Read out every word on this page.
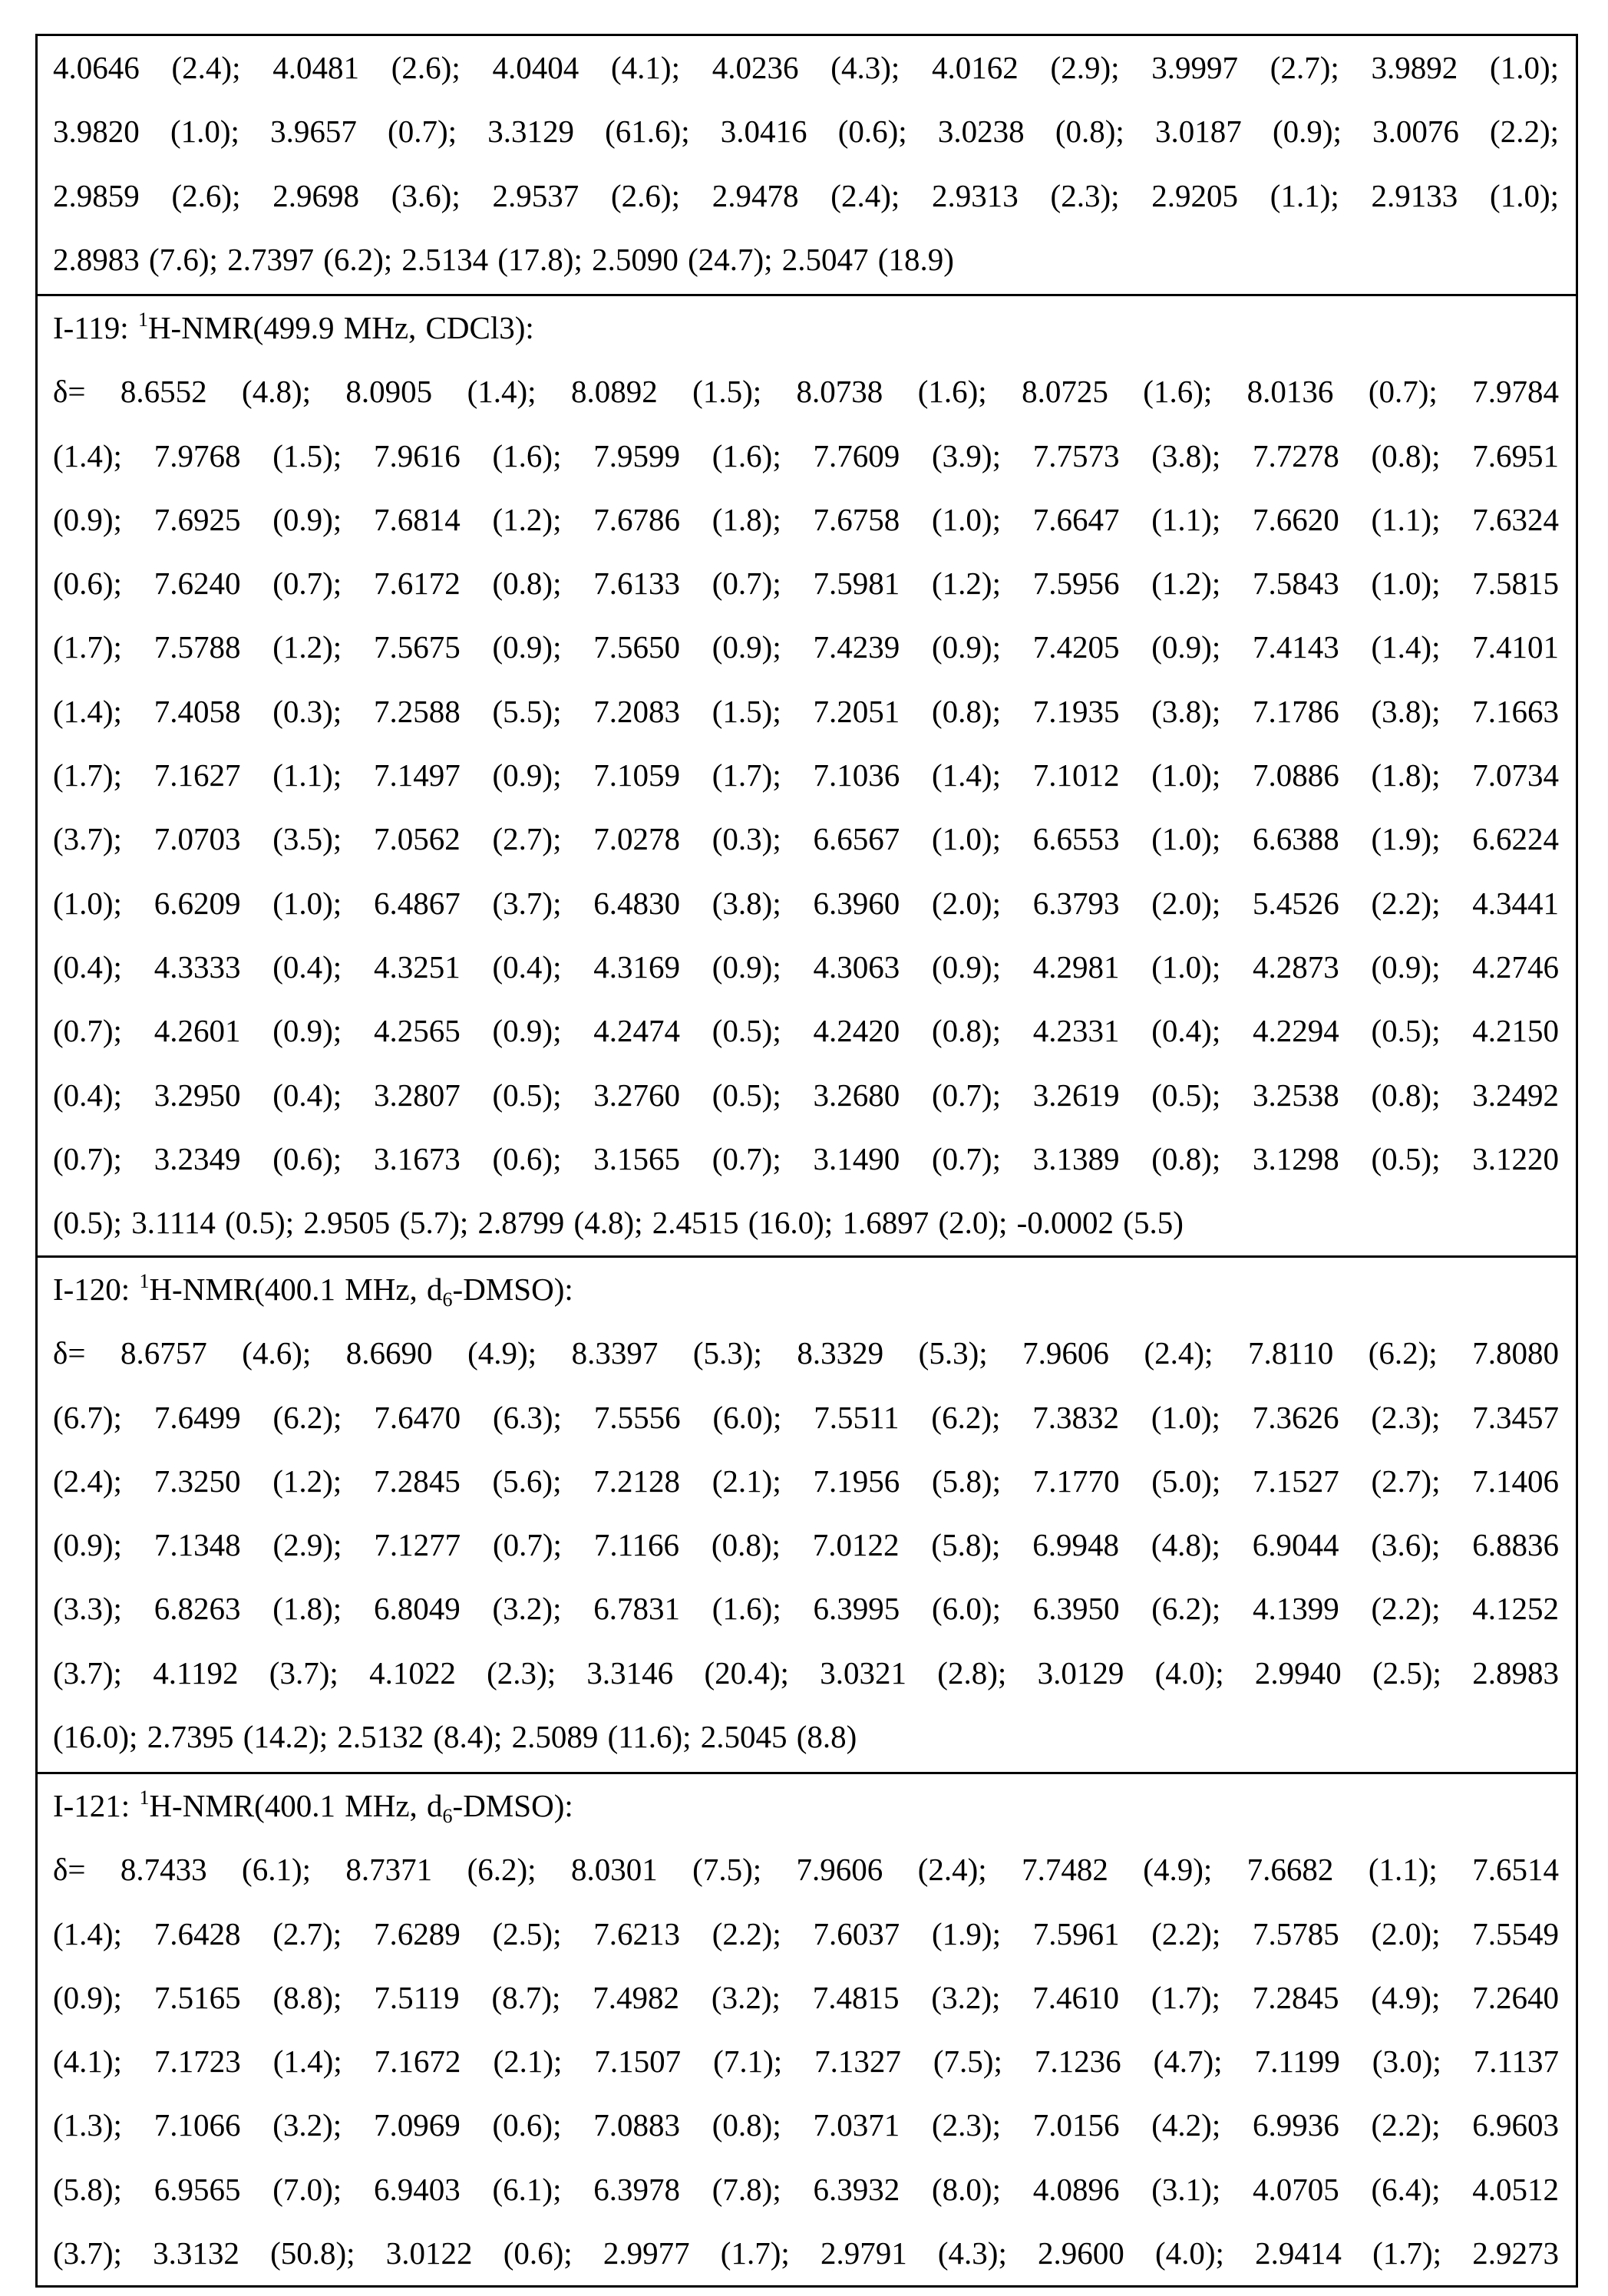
4.0646 (2.4); 4.0481 (2.6); 4.0404 (4.1); 4.0236 (4.3); 4.0162 (2.9); 3.9997 (2.7); 3.9892 (1.0);
3.9820 (1.0); 3.9657 (0.7); 3.3129 (61.6); 3.0416 (0.6); 3.0238 (0.8); 3.0187 (0.9); 3.0076 (2.2);
2.9859 (2.6); 2.9698 (3.6); 2.9537 (2.6); 2.9478 (2.4); 2.9313 (2.3); 2.9205 (1.1); 2.9133 (1.0);
2.8983 (7.6); 2.7397 (6.2); 2.5134 (17.8); 2.5090 (24.7); 2.5047 (18.9)

I-119: $^1$H-NMR(499.9 MHz, CDCl3):
δ= 8.6552 (4.8); 8.0905 (1.4); 8.0892 (1.5); 8.0738 (1.6); 8.0725 (1.6); 8.0136 (0.7); 7.9784
(1.4); 7.9768 (1.5); 7.9616 (1.6); 7.9599 (1.6); 7.7609 (3.9); 7.7573 (3.8); 7.7278 (0.8); 7.6951
(0.9); 7.6925 (0.9); 7.6814 (1.2); 7.6786 (1.8); 7.6758 (1.0); 7.6647 (1.1); 7.6620 (1.1); 7.6324
(0.6); 7.6240 (0.7); 7.6172 (0.8); 7.6133 (0.7); 7.5981 (1.2); 7.5956 (1.2); 7.5843 (1.0); 7.5815
(1.7); 7.5788 (1.2); 7.5675 (0.9); 7.5650 (0.9); 7.4239 (0.9); 7.4205 (0.9); 7.4143 (1.4); 7.4101
(1.4); 7.4058 (0.3); 7.2588 (5.5); 7.2083 (1.5); 7.2051 (0.8); 7.1935 (3.8); 7.1786 (3.8); 7.1663
(1.7); 7.1627 (1.1); 7.1497 (0.9); 7.1059 (1.7); 7.1036 (1.4); 7.1012 (1.0); 7.0886 (1.8); 7.0734
(3.7); 7.0703 (3.5); 7.0562 (2.7); 7.0278 (0.3); 6.6567 (1.0); 6.6553 (1.0); 6.6388 (1.9); 6.6224
(1.0); 6.6209 (1.0); 6.4867 (3.7); 6.4830 (3.8); 6.3960 (2.0); 6.3793 (2.0); 5.4526 (2.2); 4.3441
(0.4); 4.3333 (0.4); 4.3251 (0.4); 4.3169 (0.9); 4.3063 (0.9); 4.2981 (1.0); 4.2873 (0.9); 4.2746
(0.7); 4.2601 (0.9); 4.2565 (0.9); 4.2474 (0.5); 4.2420 (0.8); 4.2331 (0.4); 4.2294 (0.5); 4.2150
(0.4); 3.2950 (0.4); 3.2807 (0.5); 3.2760 (0.5); 3.2680 (0.7); 3.2619 (0.5); 3.2538 (0.8); 3.2492
(0.7); 3.2349 (0.6); 3.1673 (0.6); 3.1565 (0.7); 3.1490 (0.7); 3.1389 (0.8); 3.1298 (0.5); 3.1220
(0.5); 3.1114 (0.5); 2.9505 (5.7); 2.8799 (4.8); 2.4515 (16.0); 1.6897 (2.0); -0.0002 (5.5)

I-120: $^1$H-NMR(400.1 MHz, $d_6-DMSO$):
δ= 8.6757 (4.6); 8.6690 (4.9); 8.3397 (5.3); 8.3329 (5.3); 7.9606 (2.4); 7.8110 (6.2); 7.8080
(6.7); 7.6499 (6.2); 7.6470 (6.3); 7.5556 (6.0); 7.5511 (6.2); 7.3832 (1.0); 7.3626 (2.3); 7.3457
(2.4); 7.3250 (1.2); 7.2845 (5.6); 7.2128 (2.1); 7.1956 (5.8); 7.1770 (5.0); 7.1527 (2.7); 7.1406
(0.9); 7.1348 (2.9); 7.1277 (0.7); 7.1166 (0.8); 7.0122 (5.8); 6.9948 (4.8); 6.9044 (3.6); 6.8836
(3.3); 6.8263 (1.8); 6.8049 (3.2); 6.7831 (1.6); 6.3995 (6.0); 6.3950 (6.2); 4.1399 (2.2); 4.1252
(3.7); 4.1192 (3.7); 4.1022 (2.3); 3.3146 (20.4); 3.0321 (2.8); 3.0129 (4.0); 2.9940 (2.5); 2.8983
(16.0); 2.7395 (14.2); 2.5132 (8.4); 2.5089 (11.6); 2.5045 (8.8)

I-121: $^1$H-NMR(400.1 MHz, $d_6-DMSO$):
δ= 8.7433 (6.1); 8.7371 (6.2); 8.0301 (7.5); 7.9606 (2.4); 7.7482 (4.9); 7.6682 (1.1); 7.6514
(1.4); 7.6428 (2.7); 7.6289 (2.5); 7.6213 (2.2); 7.6037 (1.9); 7.5961 (2.2); 7.5785 (2.0); 7.5549
(0.9); 7.5165 (8.8); 7.5119 (8.7); 7.4982 (3.2); 7.4815 (3.2); 7.4610 (1.7); 7.2845 (4.9); 7.2640
(4.1); 7.1723 (1.4); 7.1672 (2.1); 7.1507 (7.1); 7.1327 (7.5); 7.1236 (4.7); 7.1199 (3.0); 7.1137
(1.3); 7.1066 (3.2); 7.0969 (0.6); 7.0883 (0.8); 7.0371 (2.3); 7.0156 (4.2); 6.9936 (2.2); 6.9603
(5.8); 6.9565 (7.0); 6.9403 (6.1); 6.3978 (7.8); 6.3932 (8.0); 4.0896 (3.1); 4.0705 (6.4); 4.0512
(3.7); 3.3132 (50.8); 3.0122 (0.6); 2.9977 (1.7); 2.9791 (4.3); 2.9600 (4.0); 2.9414 (1.7); 2.9273
